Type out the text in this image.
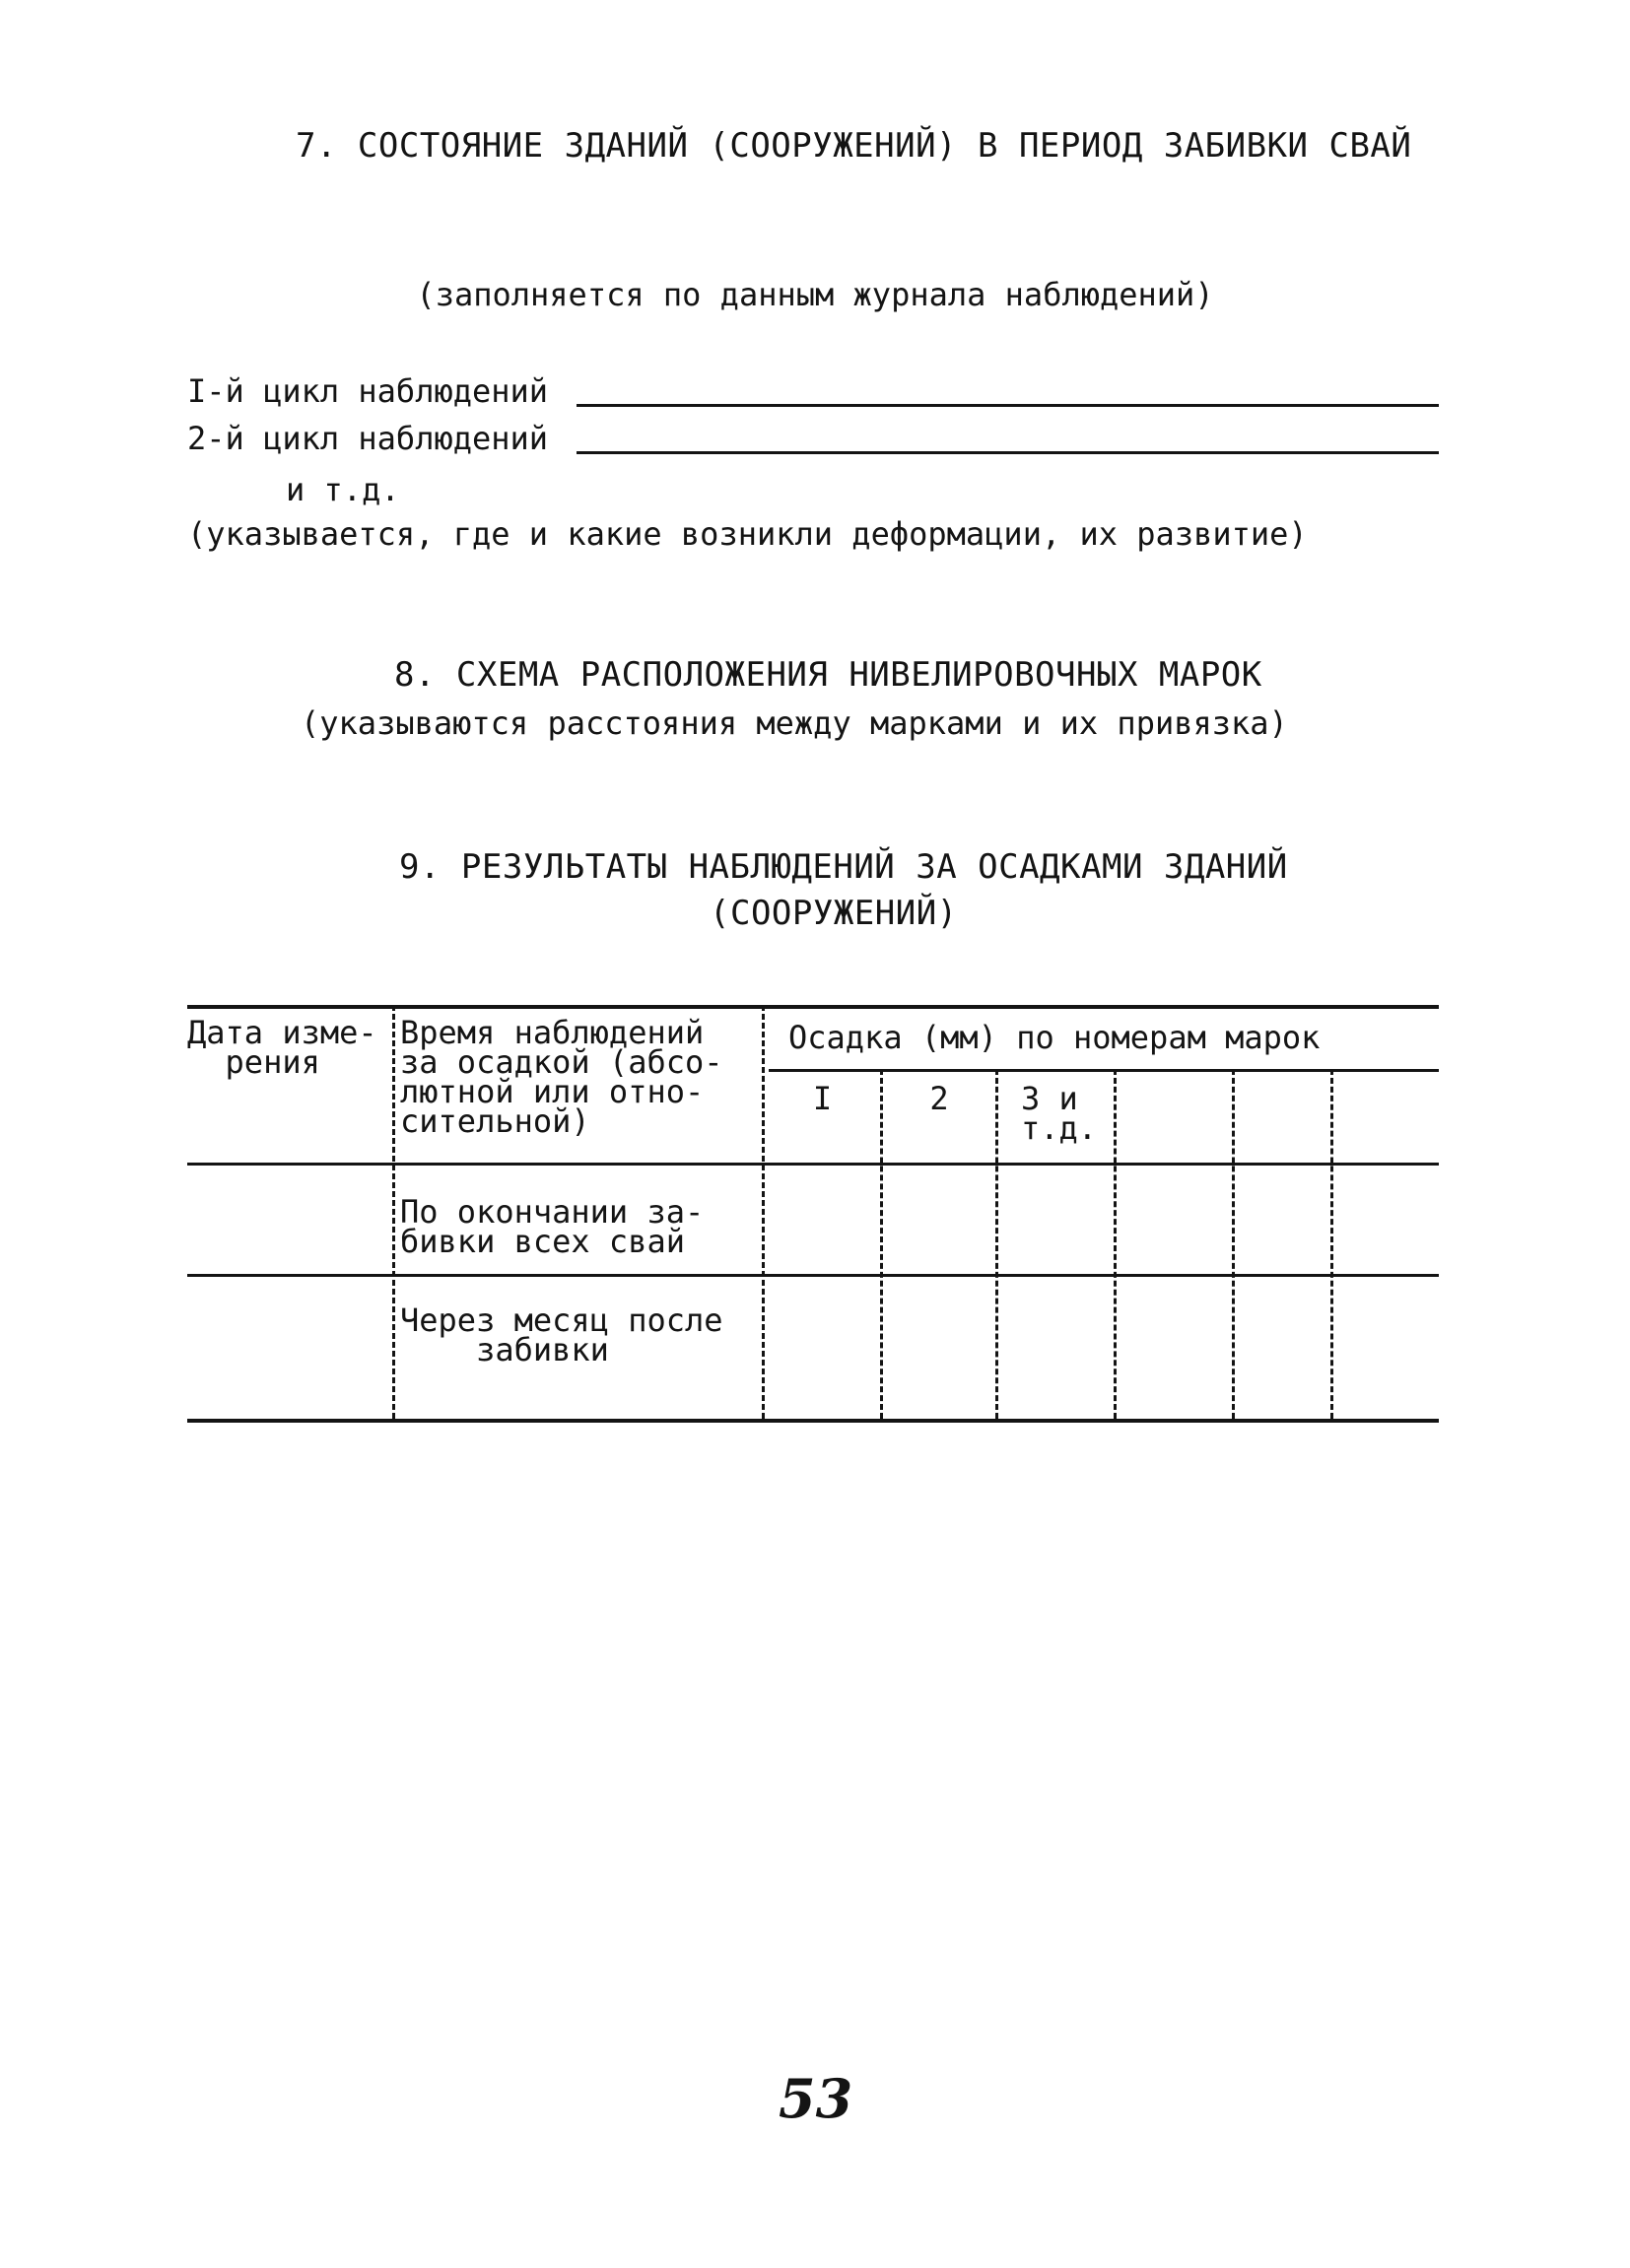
7. СОСТОЯНИЕ ЗДАНИЙ (СООРУЖЕНИЙ) В ПЕРИОД ЗАБИВКИ СВАЙ
(заполняется по данным журнала наблюдений)
I-й цикл наблюдений
2-й цикл наблюдений
и т.д.
(указывается, где и какие возникли деформации, их развитие)
8. СХЕМА РАСПОЛОЖЕНИЯ НИВЕЛИРОВОЧНЫХ МАРОК
(указываются расстояния между марками и их привязка)
9. РЕЗУЛЬТАТЫ НАБЛЮДЕНИЙ ЗА ОСАДКАМИ ЗДАНИЙ
(СООРУЖЕНИЙ)
Дата изме-
рения
Время наблюдений
за осадкой (абсо-
лютной или отно-
сительной)
Осадка (мм) по номерам марок
I	2	3 и
т.д.
По окончании за-
бивки всех свай
Через месяц после
забивки
53
